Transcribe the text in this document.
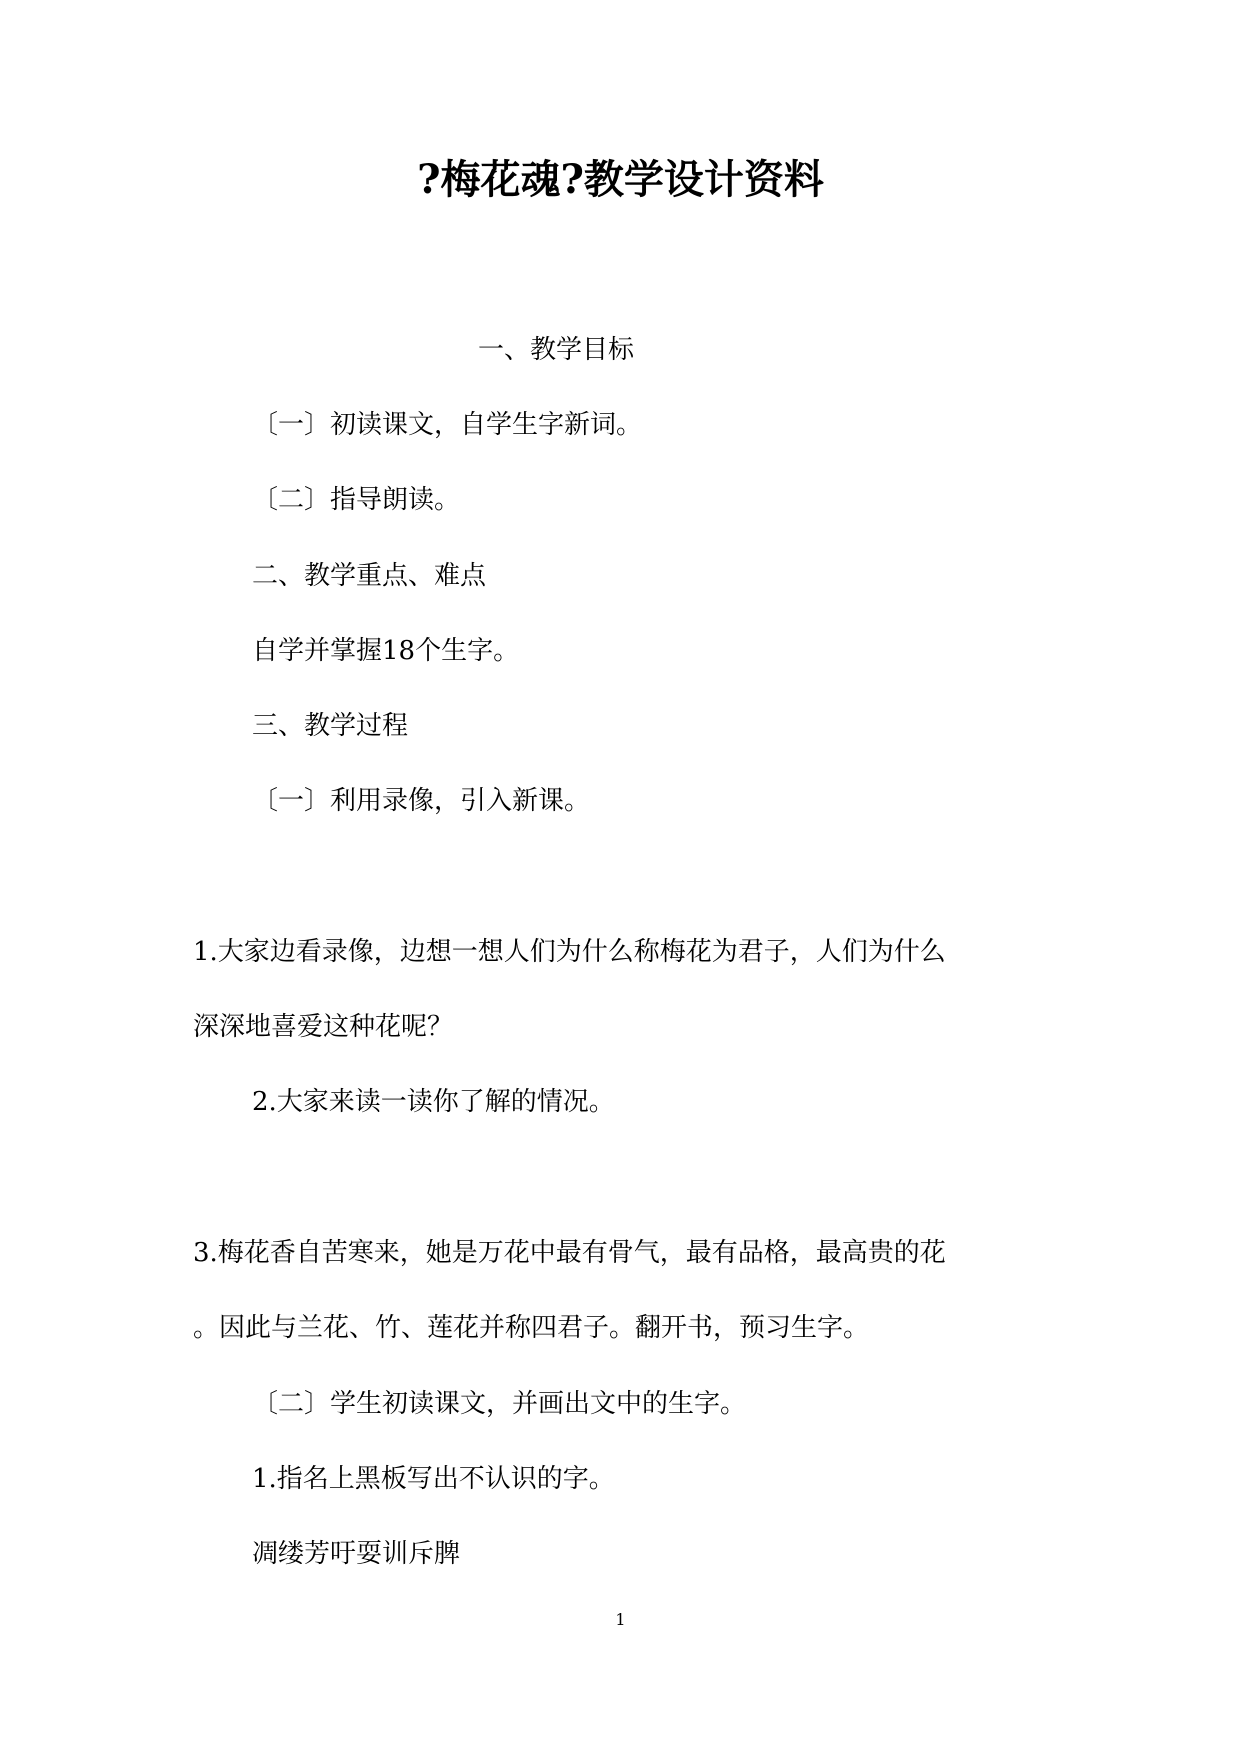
?梅花魂?教学设计资料
一、教学目标
〔一〕初读课文，自学生字新词。
〔二〕指导朗读。
二、教学重点、难点
自学并掌握18个生字。
三、教学过程
〔一〕利用录像，引入新课。
1.大家边看录像，边想一想人们为什么称梅花为君子，人们为什么
深深地喜爱这种花呢？
2.大家来读一读你了解的情况。
3.梅花香自苦寒来，她是万花中最有骨气，最有品格，最高贵的花
。因此与兰花、竹、莲花并称四君子。翻开书，预习生字。
〔二〕学生初读课文，并画出文中的生字。
1.指名上黑板写出不认识的字。
凋缕芳吁耍训斥脾
1
